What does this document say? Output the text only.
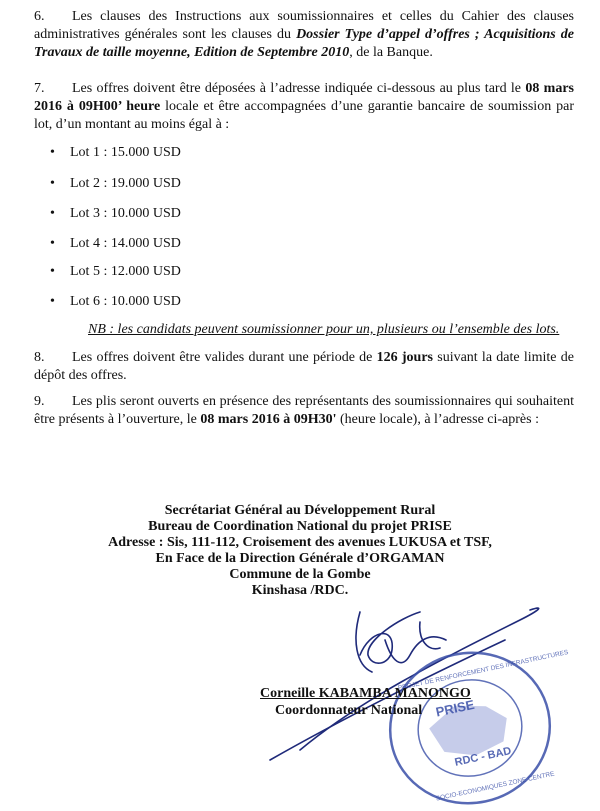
6. Les clauses des Instructions aux soumissionnaires et celles du Cahier des clauses administratives générales sont les clauses du Dossier Type d’appel d’offres ; Acquisitions de Travaux de taille moyenne, Edition de Septembre 2010, de la Banque.
7. Les offres doivent être déposées à l’adresse indiquée ci-dessous au plus tard le 08 mars 2016 à 09H00’ heure locale et être accompagnées d’une garantie bancaire de soumission par lot, d’un montant au moins égal à :
• Lot 1 : 15.000 USD
• Lot 2 : 19.000 USD
• Lot 3 : 10.000 USD
• Lot 4 : 14.000 USD
• Lot 5 : 12.000 USD
• Lot 6 : 10.000 USD
NB : les candidats peuvent soumissionner pour un, plusieurs ou l’ensemble des lots.
8. Les offres doivent être valides durant une période de 126 jours suivant la date limite de dépôt des offres.
9. Les plis seront ouverts en présence des représentants des soumissionnaires qui souhaitent être présents à l’ouverture, le 08 mars 2016 à 09H30' (heure locale), à l’adresse ci-après :
Secrétariat Général au Développement Rural
Bureau de Coordination National du projet PRISE
Adresse : Sis, 111-112, Croisement des avenues LUKUSA et TSF,
En Face de la Direction Générale d’ORGAMAN
Commune de la Gombe
Kinshasa /RDC.
PRISE
RDC - BAD
PROJET DE RENFORCEMENT DES INFRASTRUCTURES
SOCIO-ECONOMIQUES ZONE CENTRE
Corneille KABAMBA MANONGO
Coordonnateur National
